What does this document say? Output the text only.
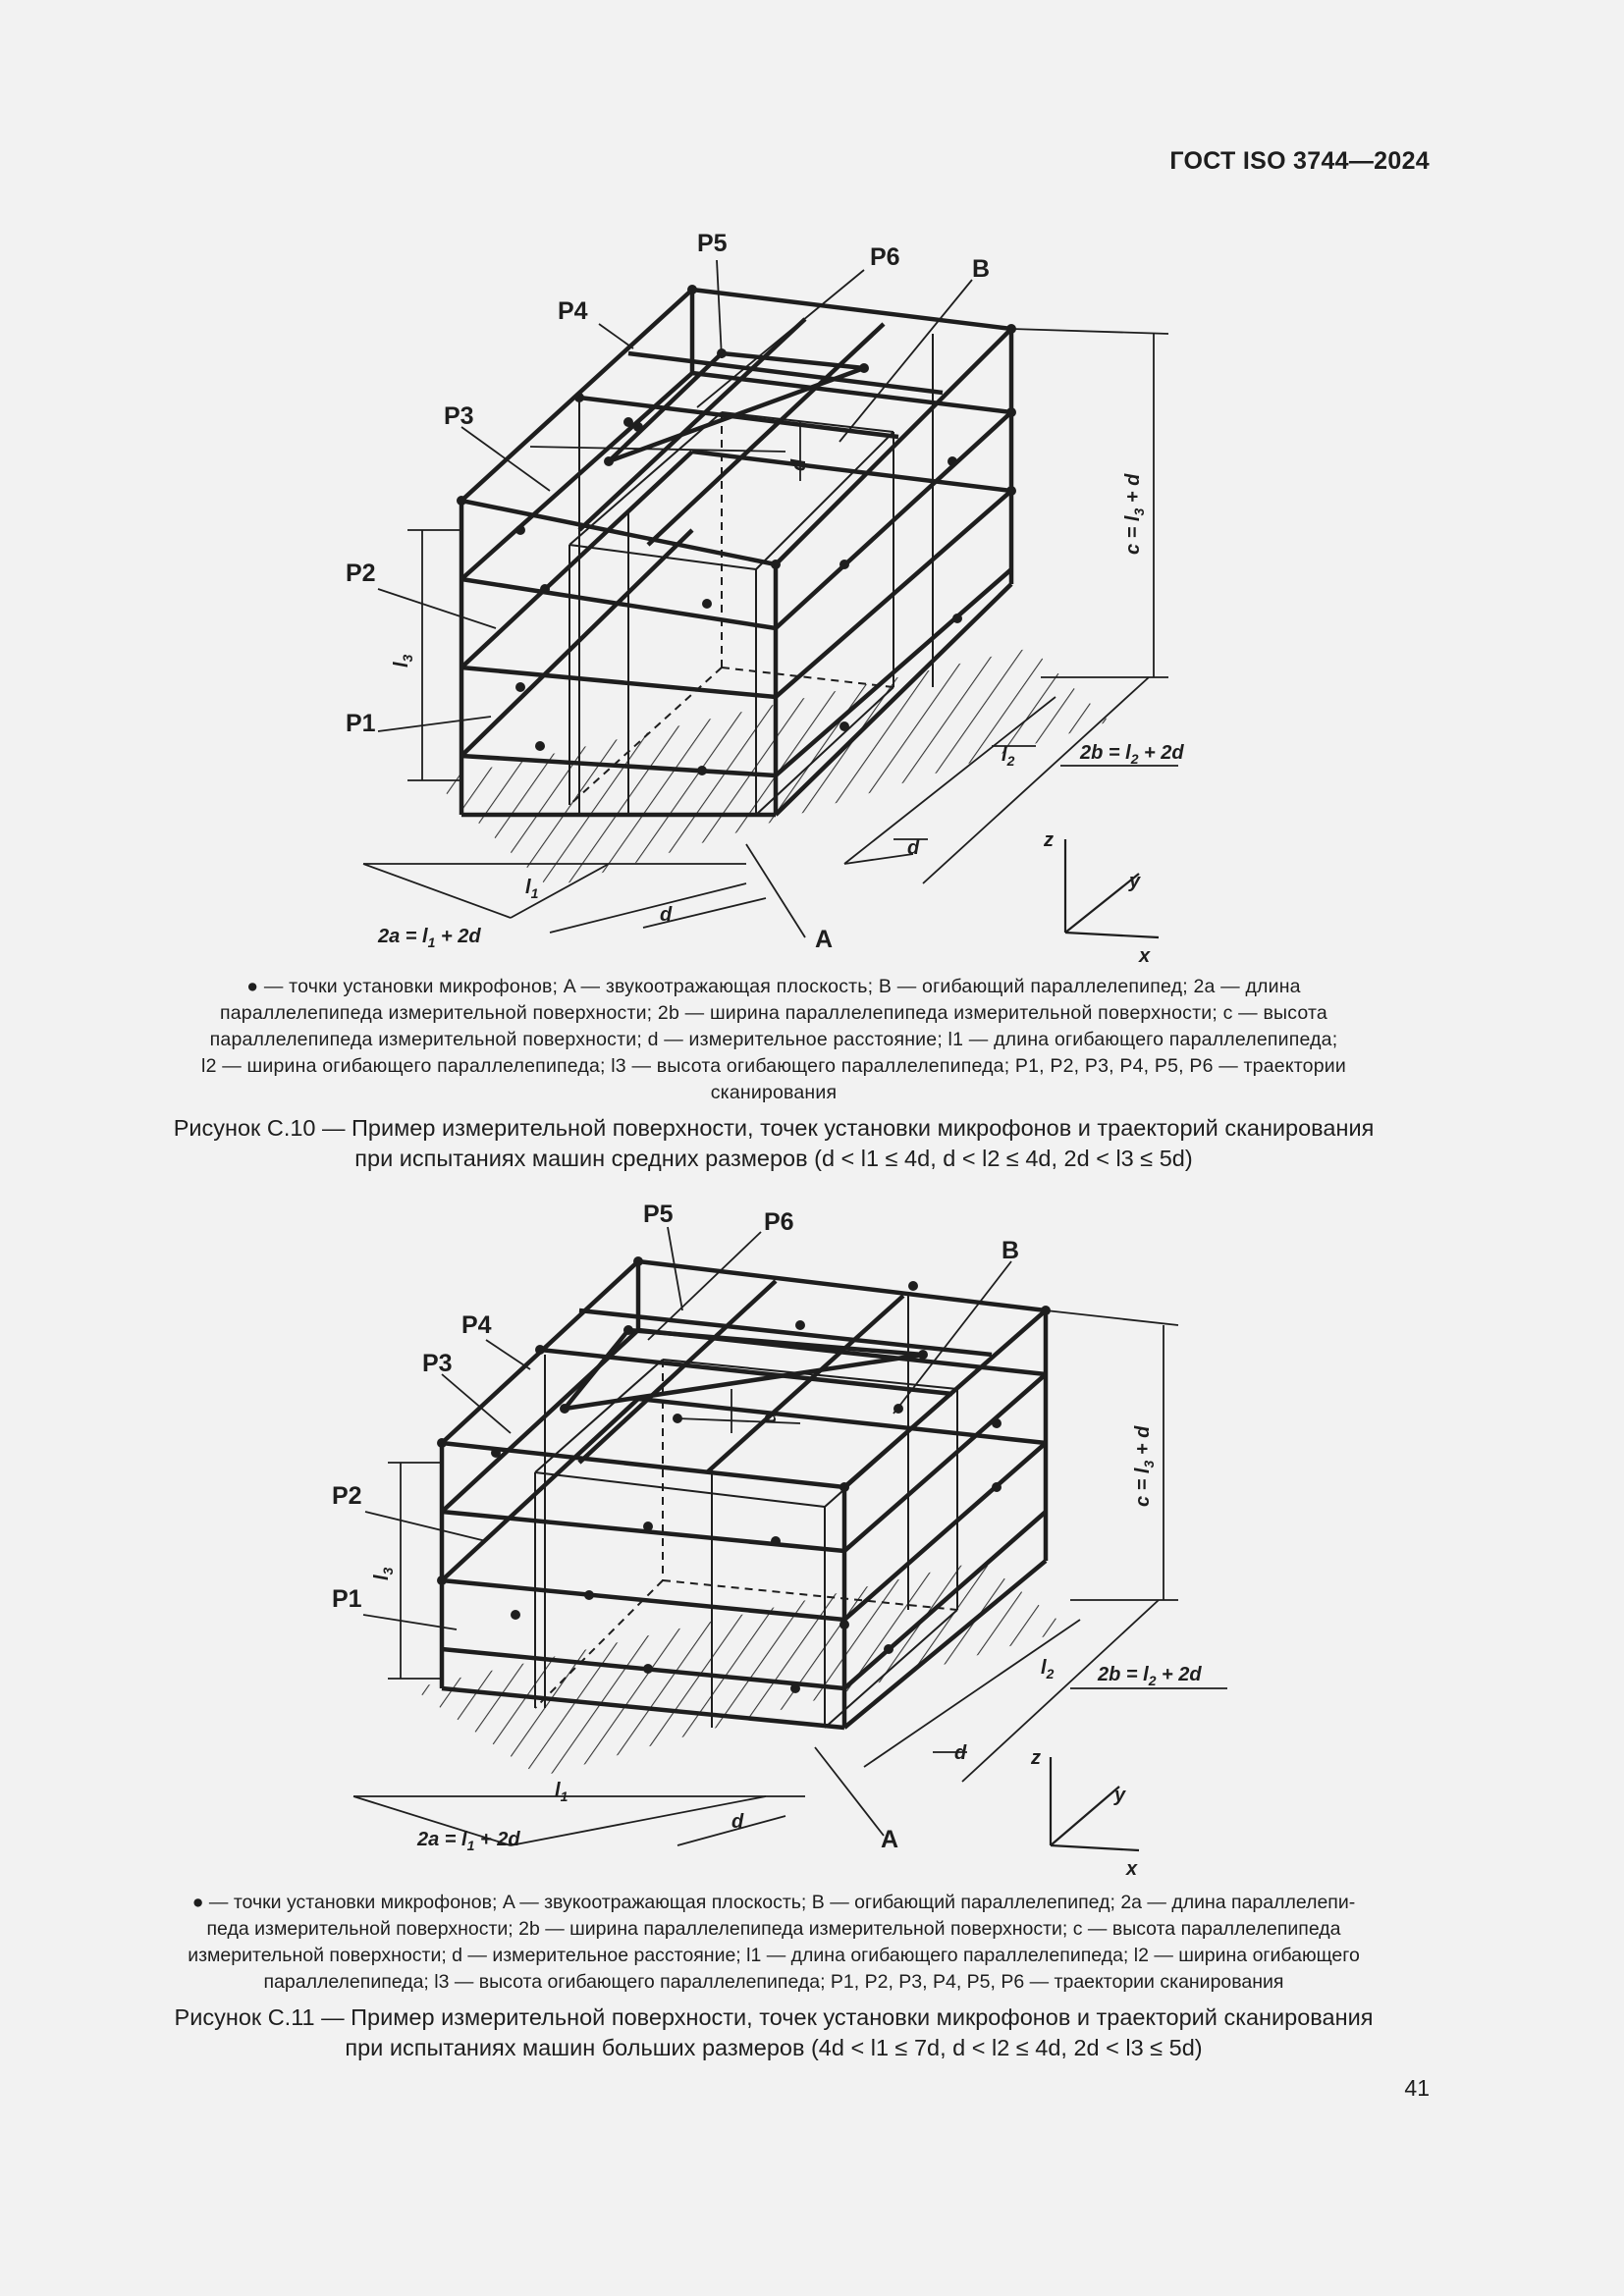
ГОСТ ISO 3744—2024
P1
P2
P3
P4
P5	P6	B
A
d
d
d
$l_1$
$l_2$
$l_3$
$2a = l_1 + 2d$
$2b = l_2 + 2d$
$c = l_3 + d$
z
y
x
● — точки установки микрофонов; A — звукоотражающая плоскость; B — огибающий параллелепипед; 2a — длина
параллелепипеда измерительной поверхности; 2b — ширина параллелепипеда измерительной поверхности; c — высота
параллелепипеда измерительной поверхности; d — измерительное расстояние; l1 — длина огибающего параллелепипеда;
l2 — ширина огибающего параллелепипеда; l3 — высота огибающего параллелепипеда; P1, P2, P3, P4, P5, P6 — траектории
сканирования
Рисунок C.10 — Пример измерительной поверхности, точек установки микрофонов и траекторий сканирования
при испытаниях машин средних размеров (d < l1 ≤ 4d, d < l2 ≤ 4d, 2d < l3 ≤ 5d)
P1
P2
P3
P4
P5	P6
B
A
d
d
d
$l_1$
$l_2$
$l_3$
$2a = l_1 + 2d$
$2b = l_2 + 2d$
$c = l_3 + d$
z
y
x
● — точки установки микрофонов; A — звукоотражающая плоскость; B — огибающий параллелепипед; 2a — длина параллелепи-
педа измерительной поверхности; 2b — ширина параллелепипеда измерительной поверхности; c — высота параллелепипеда
измерительной поверхности; d — измерительное расстояние; l1 — длина огибающего параллелепипеда; l2 — ширина огибающего
параллелепипеда; l3 — высота огибающего параллелепипеда; P1, P2, P3, P4, P5, P6 — траектории сканирования
Рисунок C.11 — Пример измерительной поверхности, точек установки микрофонов и траекторий сканирования
при испытаниях машин больших размеров (4d < l1 ≤ 7d, d < l2 ≤ 4d, 2d < l3 ≤ 5d)
41
